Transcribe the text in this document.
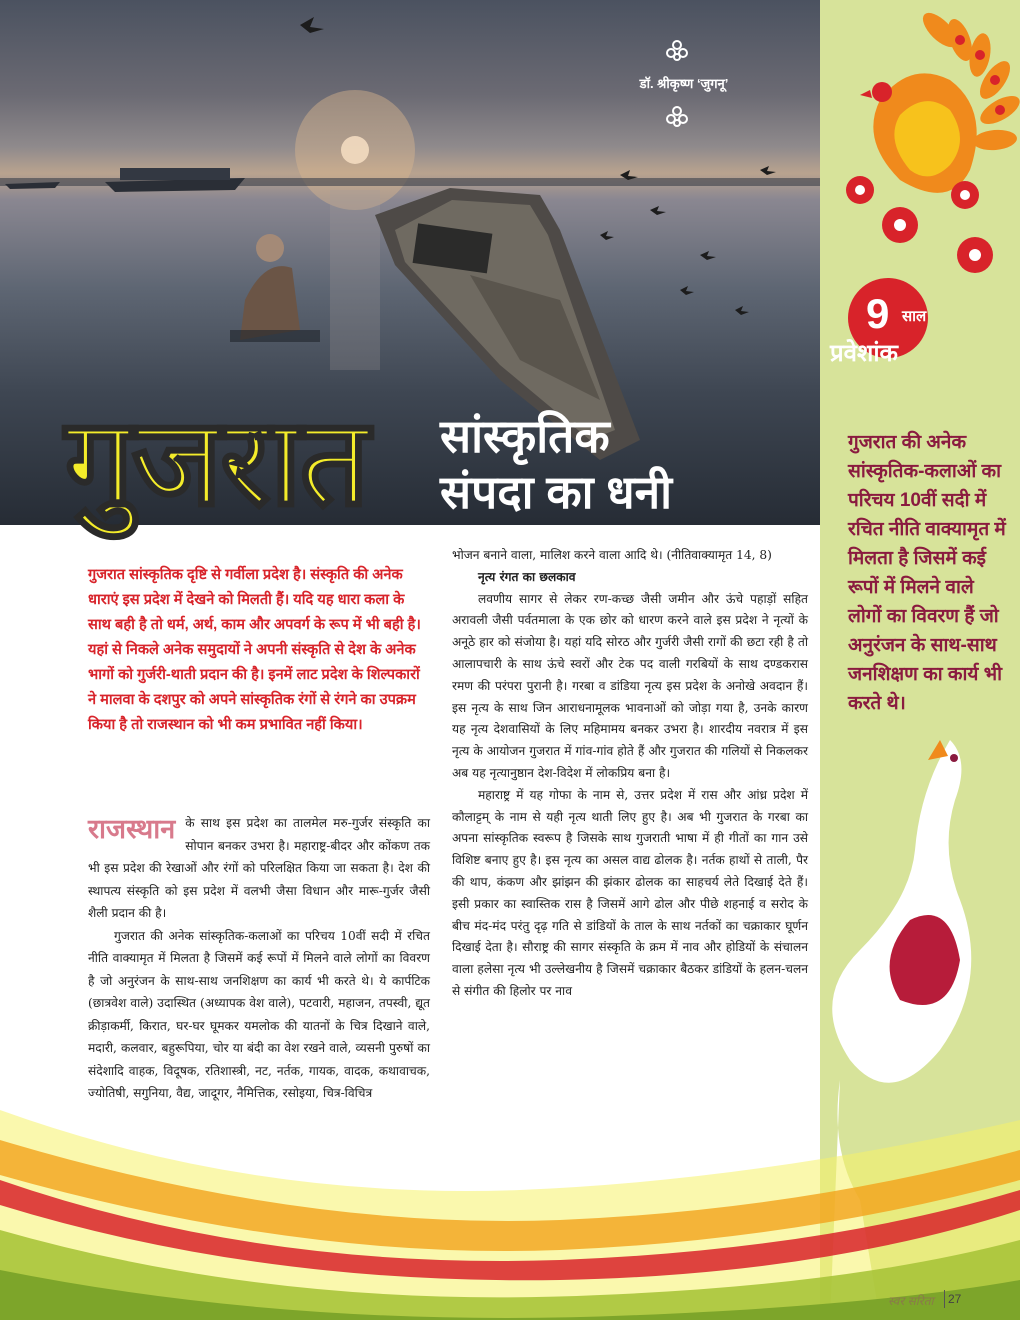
डॉ. श्रीकृष्ण ‘जुगनू’
गुजरात की अनेक सांस्कृतिक-कलाओं का परिचय 10वीं सदी में रचित नीति वाक्यामृत में मिलता है जिसमें कई रूपों में मिलने वाले लोगों का विवरण हैं जो अनुरंजन के साथ-साथ जनशिक्षण का कार्य भी करते थे।
9 साल
प्रवेशांक
गुजरात सांस्कृतिक
संपदा का धनी
गुजरात सांस्कृतिक दृष्टि से गर्वीला प्रदेश है। संस्कृति की अनेक धाराएं इस प्रदेश में देखने को मिलती हैं। यदि यह धारा कला के साथ बही है तो धर्म, अर्थ, काम और अपवर्ग के रूप में भी बही है। यहां से निकले अनेक समुदायों ने अपनी संस्कृति से देश के अनेक भागों को गुर्जरी-थाती प्रदान की है। इनमें लाट प्रदेश के शिल्पकारों ने मालवा के दशपुर को अपने सांस्कृतिक रंगों से रंगने का उपक्रम किया है तो राजस्थान को भी कम प्रभावित नहीं किया।
राजस्थान के साथ इस प्रदेश का तालमेल मरु-गुर्जर संस्कृति का सोपान बनकर उभरा है। महाराष्ट्र-बीदर और कोंकण तक भी इस प्रदेश की रेखाओं और रंगों को परिलक्षित किया जा सकता है। देश की स्थापत्य संस्कृति को इस प्रदेश में वलभी जैसा विधान और मारू-गुर्जर जैसी शैली प्रदान की है।

गुजरात की अनेक सांस्कृतिक-कलाओं का परिचय 10वीं सदी में रचित नीति वाक्यामृत में मिलता है जिसमें कई रूपों में मिलने वाले लोगों का विवरण है जो अनुरंजन के साथ-साथ जनशिक्षण का कार्य भी करते थे। ये कार्पटिक (छात्रवेश वाले) उदास्थित (अध्यापक वेश वाले), पटवारी, महाजन, तपस्वी, द्यूत क्रीड़ाकर्मी, किरात, घर-घर घूमकर यमलोक की यातनों के चित्र दिखाने वाले, मदारी, कलवार, बहुरूपिया, चोर या बंदी का वेश रखने वाले, व्यसनी पुरुषों का संदेशादि वाहक, विदूषक, रतिशास्त्री, नट, नर्तक, गायक, वादक, कथावाचक, ज्योतिषी, सगुनिया, वैद्य, जादूगर, नैमित्तिक, रसोइया, चित्र-विचित्र

भोजन बनाने वाला, मालिश करने वाला आदि थे। (नीतिवाक्यामृत 14, 8)

नृत्य रंगत का छलकाव

लवणीय सागर से लेकर रण-कच्छ जैसी जमीन और ऊंचे पहाड़ों सहित अरावली जैसी पर्वतमाला के एक छोर को धारण करने वाले इस प्रदेश ने नृत्यों के अनूठे हार को संजोया है। यहां यदि सोरठ और गुर्जरी जैसी रागों की छटा रही है तो आलापचारी के साथ ऊंचे स्वरों और टेक पद वाली गरबियों के साथ दण्डकरास रमण की परंपरा पुरानी है। गरबा व डांडिया नृत्य इस प्रदेश के अनोखे अवदान हैं। इस नृत्य के साथ जिन आराधनामूलक भावनाओं को जोड़ा गया है, उनके कारण यह नृत्य देशवासियों के लिए महिमामय बनकर उभरा है। शारदीय नवरात्र में इस नृत्य के आयोजन गुजरात में गांव-गांव होते हैं और गुजरात की गलियों से निकलकर अब यह नृत्यानुष्ठान देश-विदेश में लोकप्रिय बना है।

महाराष्ट्र में यह गोफा के नाम से, उत्तर प्रदेश में रास और आंध्र प्रदेश में कौलाट्टम् के नाम से यही नृत्य थाती लिए हुए है। अब भी गुजरात के गरबा का अपना सांस्कृतिक स्वरूप है जिसके साथ गुजराती भाषा में ही गीतों का गान उसे विशिष्ट बनाए हुए है। इस नृत्य का असल वाद्य ढोलक है। नर्तक हाथों से ताली, पैर की थाप, कंकण और झांझन की झंकार ढोलक का साहचर्य लेते दिखाई देते हैं। इसी प्रकार का स्वास्तिक रास है जिसमें आगे ढोल और पीछे शहनाई व सरोद के बीच मंद-मंद परंतु दृढ़ गति से डांडियों के ताल के साथ नर्तकों का चक्राकार घूर्णन दिखाई देता है। सौराष्ट्र की सागर संस्कृति के क्रम में नाव और होडियों के संचालन वाला हलेसा नृत्य भी उल्लेखनीय है जिसमें चक्राकार बैठकर डांडियों के हलन-चलन से संगीत की हिलोर पर नाव

स्वर सरिता 27
